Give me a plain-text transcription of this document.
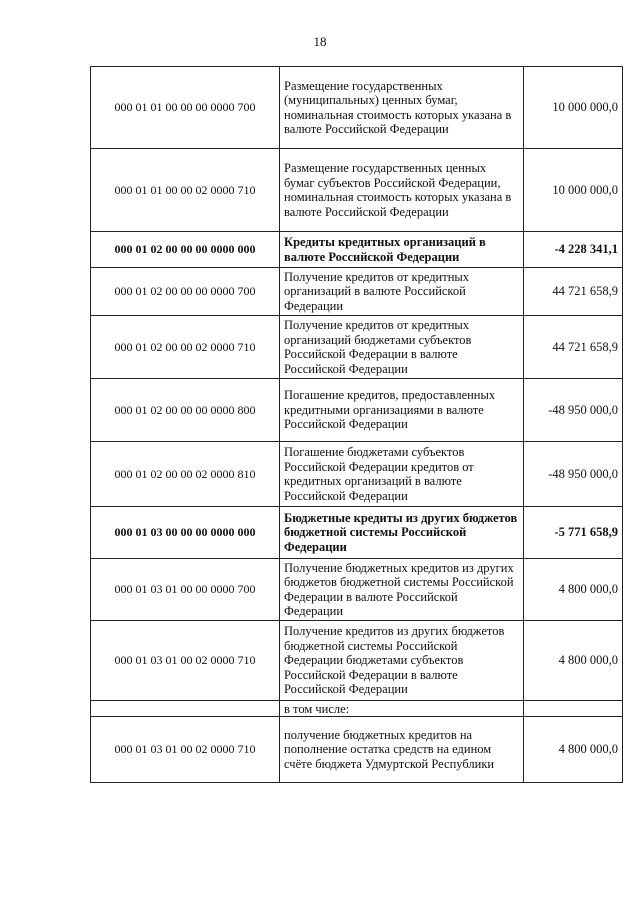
18
000 01 01 00 00 00 0000 700	Размещение государственных (муниципальных) ценных бумаг, номинальная стоимость которых указана в валюте Российской Федерации	10 000 000,0
000 01 01 00 00 02 0000 710	Размещение государственных ценных бумаг субъектов Российской Федерации, номинальная стоимость которых указана в валюте Российской Федерации	10 000 000,0
000 01 02 00 00 00 0000 000	Кредиты кредитных организаций в валюте Российской Федерации	-4 228 341,1
000 01 02 00 00 00 0000 700	Получение кредитов от кредитных организаций в валюте Российской Федерации	44 721 658,9
000 01 02 00 00 02 0000 710	Получение кредитов от кредитных организаций бюджетами субъектов Российской Федерации в валюте Российской Федерации	44 721 658,9
000 01 02 00 00 00 0000 800	Погашение кредитов, предоставленных кредитными организациями в валюте Российской Федерации	-48 950 000,0
000 01 02 00 00 02 0000 810	Погашение бюджетами субъектов Российской Федерации кредитов от кредитных организаций в валюте Российской Федерации	-48 950 000,0
000 01 03 00 00 00 0000 000	Бюджетные кредиты из других бюджетов бюджетной системы Российской Федерации	-5 771 658,9
000 01 03 01 00 00 0000 700	Получение бюджетных кредитов из других бюджетов бюджетной системы Российской Федерации в валюте Российской Федерации	4 800 000,0
000 01 03 01 00 02 0000 710	Получение кредитов из других бюджетов бюджетной системы Российской Федерации бюджетами субъектов Российской Федерации в валюте Российской Федерации	4 800 000,0
	в том числе:	
000 01 03 01 00 02 0000 710	получение бюджетных кредитов на пополнение остатка средств на едином счёте бюджета Удмуртской Республики	4 800 000,0
